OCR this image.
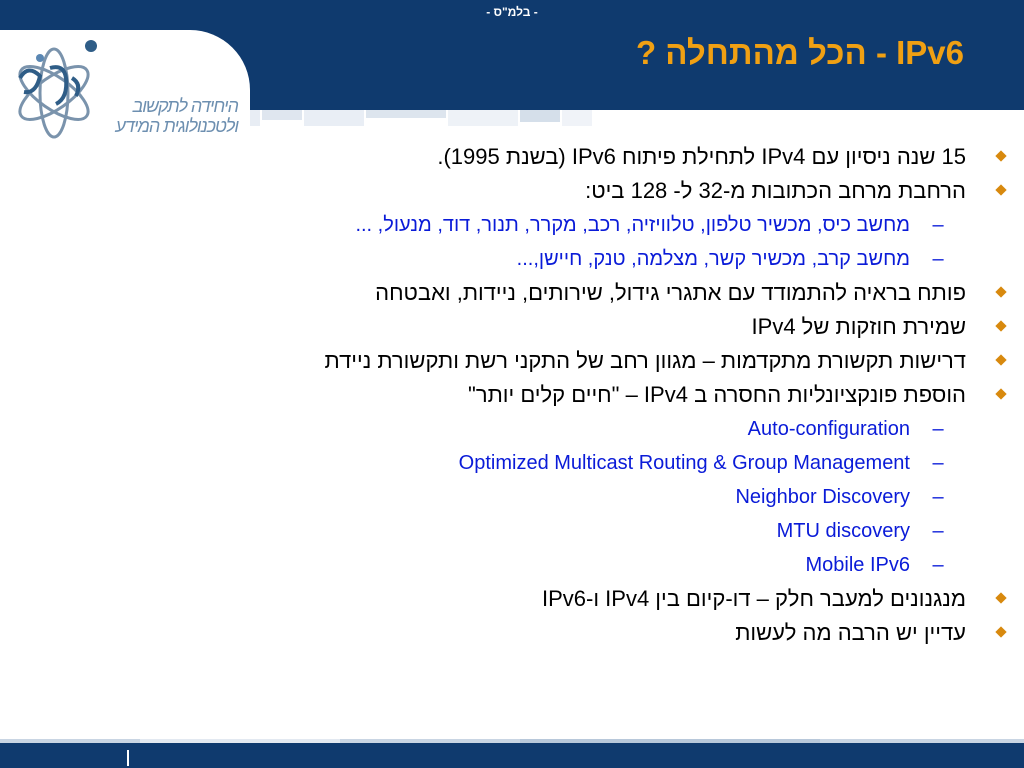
היחידה לתקשוב
ולטכנולוגית המידע
- בלמ"ס -
IPv6 - הכל מהתחלה ?
15 שנה ניסיון עם IPv4 לתחילת פיתוח IPv6 (בשנת 1995).
הרחבת מרחב הכתובות מ-32 ל- 128 ביט:
–מחשב כיס, מכשיר טלפון, טלוויזיה, רכב, מקרר, תנור, דוד, מנעול, ...
–מחשב קרב, מכשיר קשר, מצלמה, טנק, חיישן,...
פותח בראיה להתמודד עם אתגרי גידול, שירותים, ניידות, ואבטחה
שמירת חוזקות של IPv4
דרישות תקשורת מתקדמות – מגוון רחב של התקני רשת ותקשורת ניידת
הוספת פונקציונליות החסרה ב IPv4 – "חיים קלים יותר"
–Auto-configuration
–Optimized Multicast Routing & Group Management
–Neighbor Discovery
–MTU discovery
–Mobile IPv6
מנגנונים למעבר חלק – דו-קיום בין IPv4 ו-IPv6
עדיין יש הרבה מה לעשות
